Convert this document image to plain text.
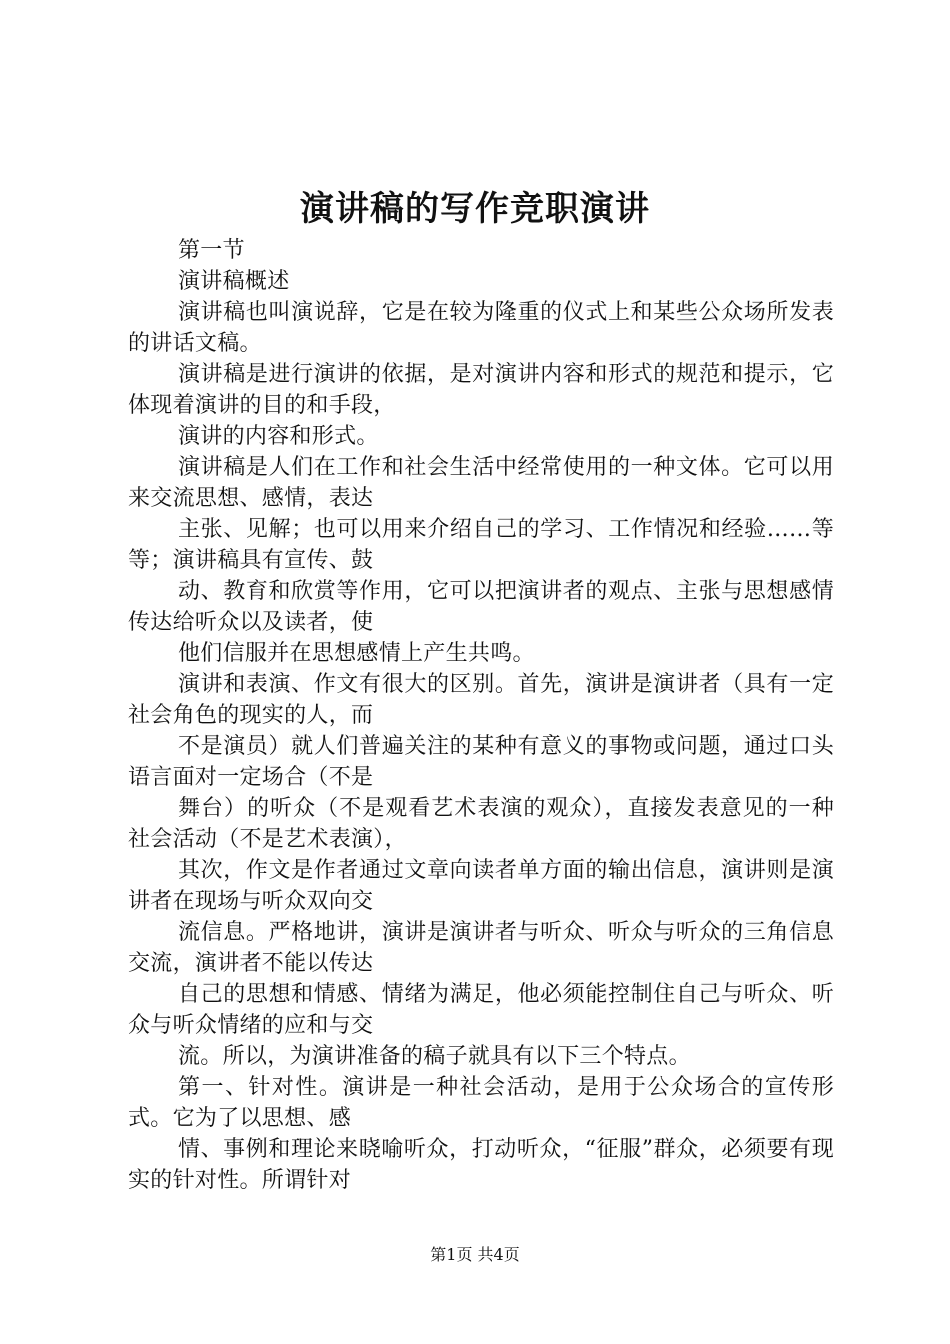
演讲稿的写作竞职演讲

第一节

演讲稿概述

演讲稿也叫演说辞，它是在较为隆重的仪式上和某些公众场所发表的讲话文稿。

演讲稿是进行演讲的依据，是对演讲内容和形式的规范和提示，它体现着演讲的目的和手段，

演讲的内容和形式。

演讲稿是人们在工作和社会生活中经常使用的一种文体。它可以用来交流思想、感情，表达

主张、见解；也可以用来介绍自己的学习、工作情况和经验……等等；演讲稿具有宣传、鼓

动、教育和欣赏等作用，它可以把演讲者的观点、主张与思想感情传达给听众以及读者，使

他们信服并在思想感情上产生共鸣。

演讲和表演、作文有很大的区别。首先，演讲是演讲者（具有一定社会角色的现实的人，而

不是演员）就人们普遍关注的某种有意义的事物或问题，通过口头语言面对一定场合（不是

舞台）的听众（不是观看艺术表演的观众），直接发表意见的一种社会活动（不是艺术表演），

其次，作文是作者通过文章向读者单方面的输出信息，演讲则是演讲者在现场与听众双向交

流信息。严格地讲，演讲是演讲者与听众、听众与听众的三角信息交流，演讲者不能以传达

自己的思想和情感、情绪为满足，他必须能控制住自己与听众、听众与听众情绪的应和与交

流。所以，为演讲准备的稿子就具有以下三个特点。

第一、针对性。演讲是一种社会活动，是用于公众场合的宣传形式。它为了以思想、感

情、事例和理论来晓喻听众，打动听众，“征服”群众，必须要有现实的针对性。所谓针对

第1页 共4页
